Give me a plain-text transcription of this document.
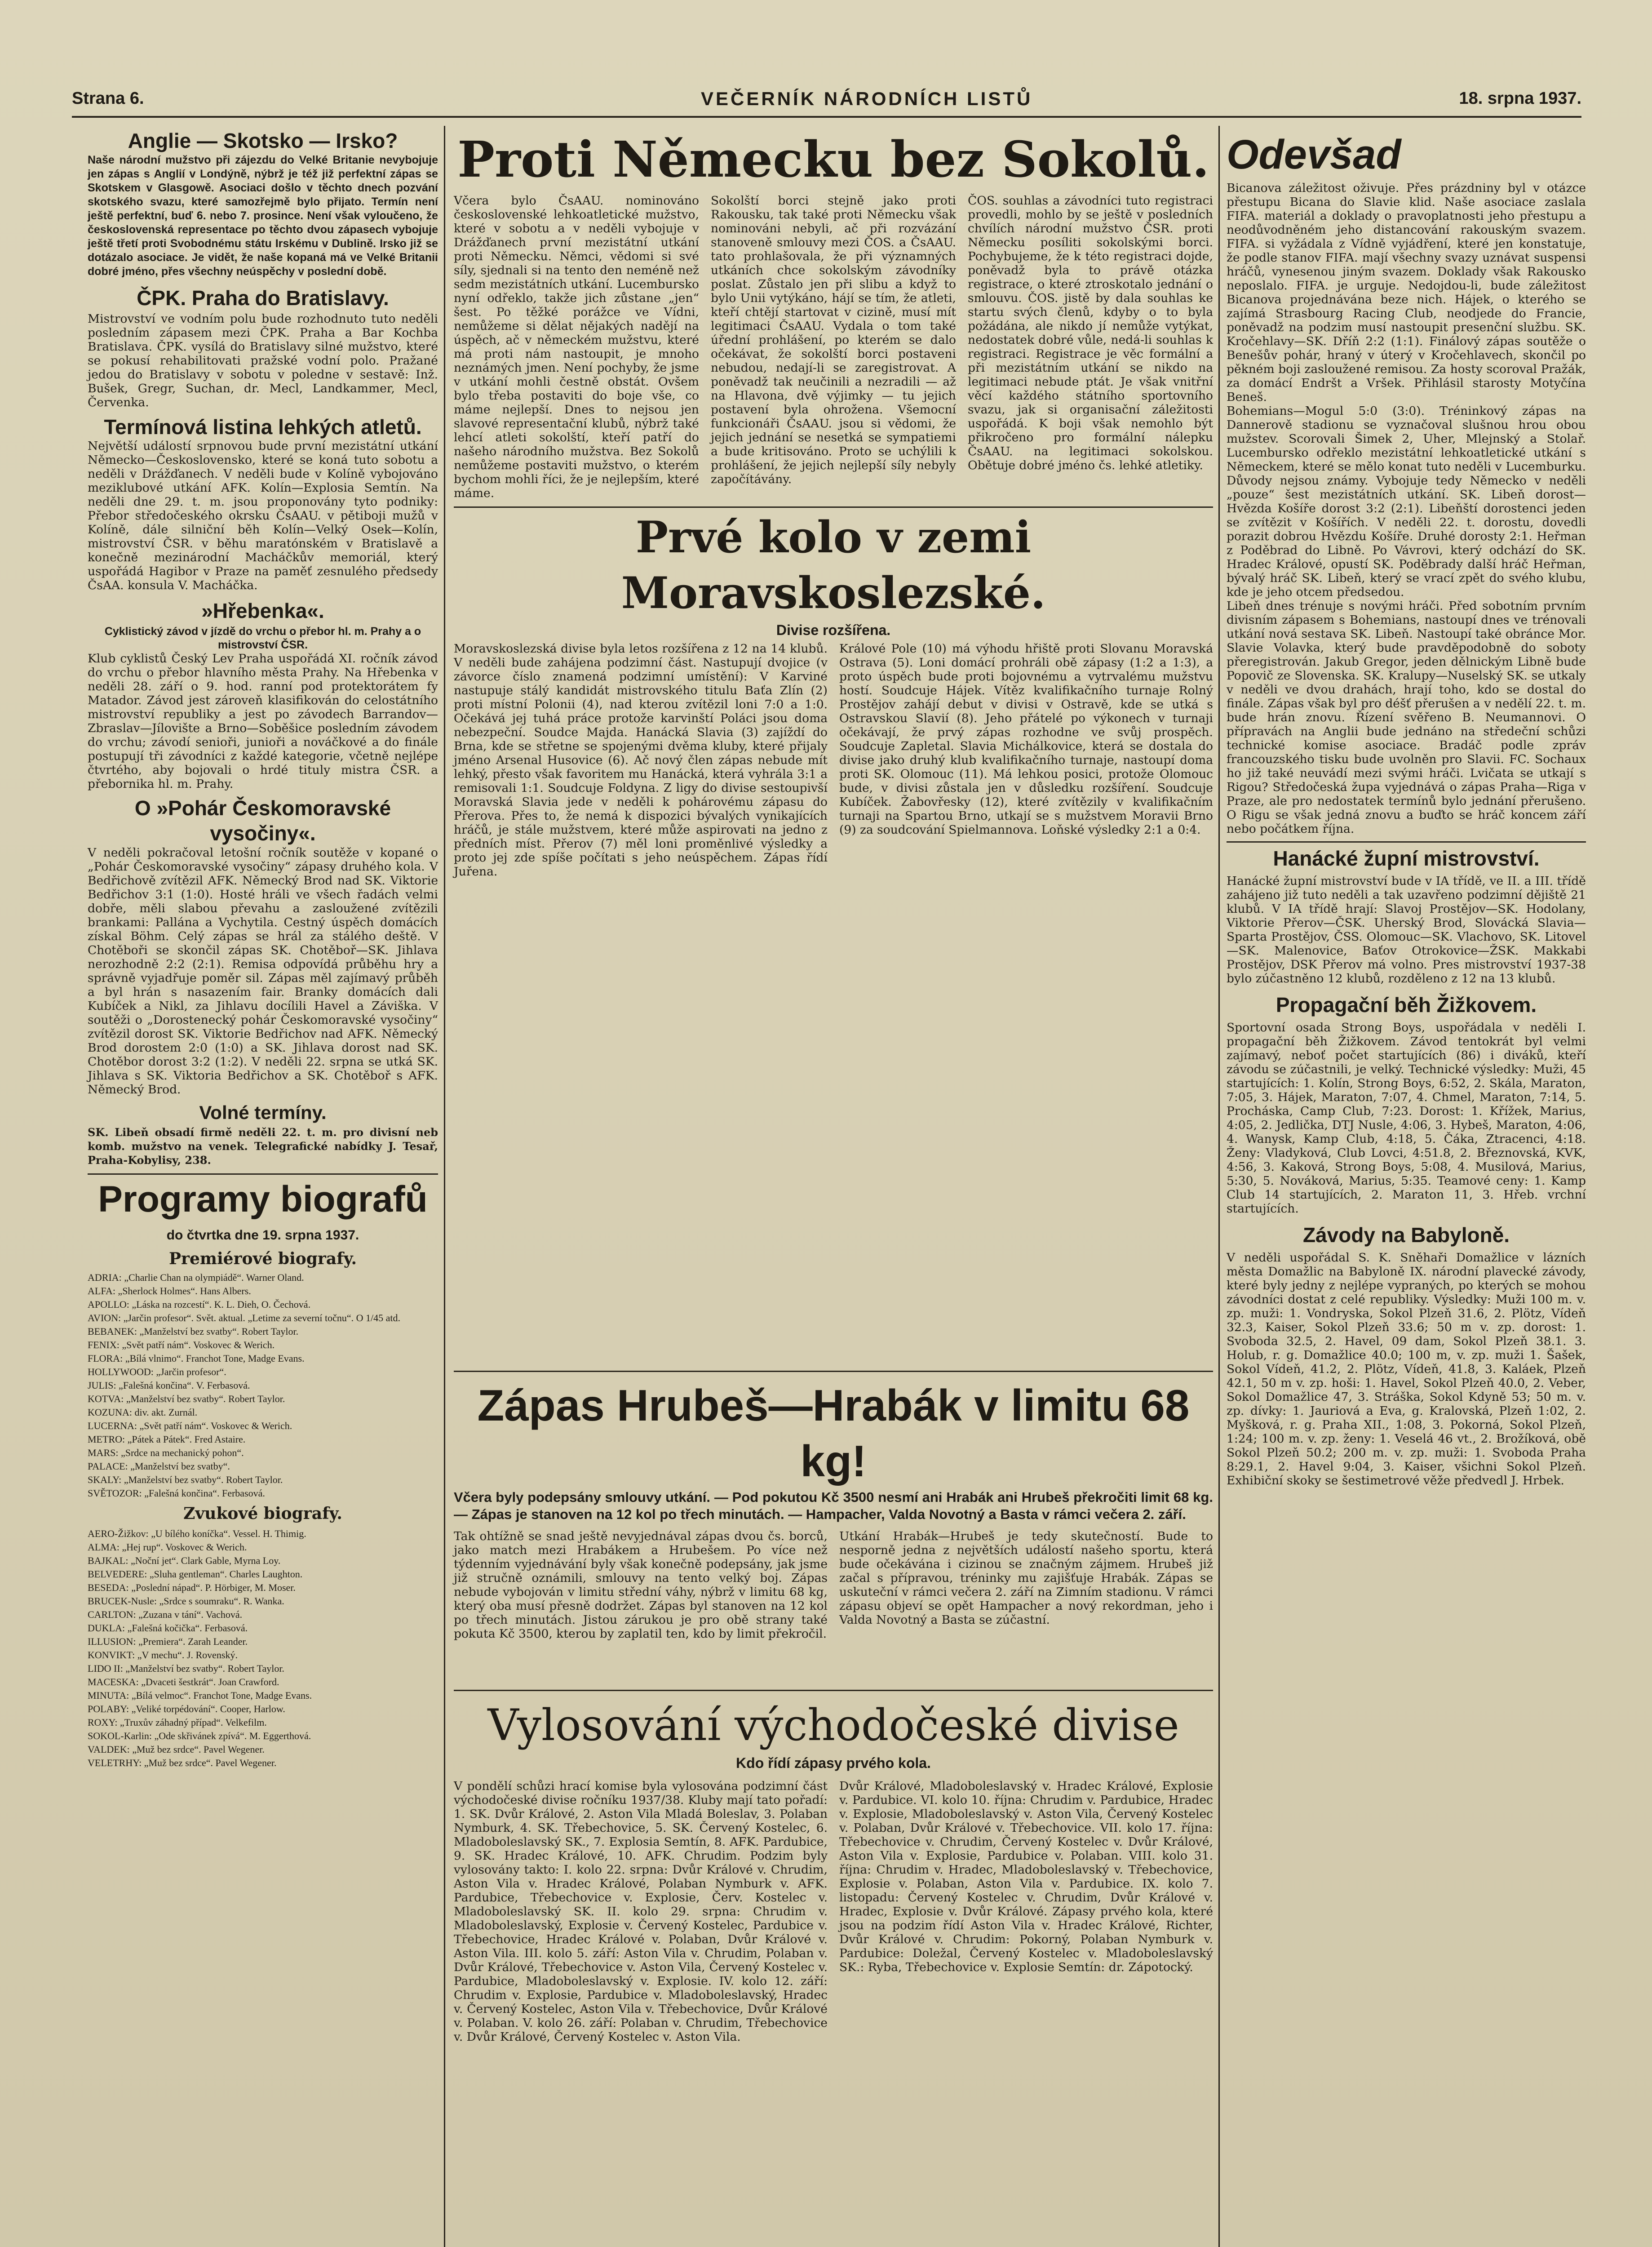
Strana 6.	VEČERNÍK NÁRODNÍCH LISTŮ	18. srpna 1937.
Anglie — Skotsko — Irsko?

Naše národní mužstvo při zájezdu do Velké Britanie nevybojuje jen zápas s Anglií v Londýně, nýbrž je též již perfektní zápas se Skotskem v Glasgowě. Asociaci došlo v těchto dnech pozvání skotského svazu, které samozřejmě bylo přijato. Termín není ještě perfektní, buď 6. nebo 7. prosince. Není však vyloučeno, že československá representace po těchto dvou zápasech vybojuje ještě třetí proti Svobodnému státu Irskému v Dublině. Irsko již se dotázalo asociace. Je vidět, že naše kopaná má ve Velké Britanii dobré jméno, přes všechny neúspěchy v poslední době.

ČPK. Praha do Bratislavy.

Mistrovství ve vodním polu bude rozhodnuto tuto neděli posledním zápasem mezi ČPK. Praha a Bar Kochba Bratislava. ČPK. vysílá do Bratislavy silné mužstvo, které se pokusí rehabilitovati pražské vodní polo. Pražané jedou do Bratislavy v sobotu v poledne v sestavě: Inž. Bušek, Gregr, Suchan, dr. Mecl, Landkammer, Mecl, Červenka.

Termínová listina lehkých atletů.

Největší událostí srpnovou bude první mezistátní utkání Německo—Československo, které se koná tuto sobotu a neděli v Drážďanech. V neděli bude v Kolíně vybojováno meziklubové utkání AFK. Kolín—Explosia Semtín. Na neděli dne 29. t. m. jsou proponovány tyto podniky: Přebor středočeského okrsku ČsAAU. v pětiboji mužů v Kolíně, dále silniční běh Kolín—Velký Osek—Kolín, mistrovství ČSR. v běhu maratónském v Bratislavě a konečně mezinárodní Macháčkův memoriál, který uspořádá Hagibor v Praze na paměť zesnulého předsedy ČsAA. konsula V. Macháčka.

»Hřebenka«.

Cyklistický závod v jízdě do vrchu o přebor hl. m. Prahy a o mistrovství ČSR.

Klub cyklistů Český Lev Praha uspořádá XI. ročník závod do vrchu o přebor hlavního města Prahy. Na Hřebenka v neděli 28. září o 9. hod. ranní pod protektorátem fy Matador. Závod jest zároveň klasifikován do celostátního mistrovství republiky a jest po závodech Barrandov—Zbraslav—Jílovište a Brno—Soběšice posledním závodem do vrchu; závodí senioři, junioři a nováčkové a do finále postupují tři závodníci z každé kategorie, včetně nejlépe čtvrtého, aby bojovali o hrdé tituly mistra ČSR. a přebornika hl. m. Prahy.

O »Pohár Českomoravské vysočiny«.

V neděli pokračoval letošní ročník soutěže v kopané o „Pohár Českomoravské vysočiny“ zápasy druhého kola. V Bedřichově zvítězil AFK. Německý Brod nad SK. Viktorie Bedřichov 3:1 (1:0). Hosté hráli ve všech řadách velmi dobře, měli slabou převahu a zasloužené zvítězili brankami: Pallána a Vychytila. Cestný úspěch domácích získal Böhm. Celý zápas se hrál za stálého deště. V Chotěboři se skončil zápas SK. Chotěboř—SK. Jihlava nerozhodně 2:2 (2:1). Remisa odpovídá průběhu hry a správně vyjadřuje poměr sil. Zápas měl zajímavý průběh a byl hrán s nasazením fair. Branky domácích dali Kubíček a Nikl, za Jihlavu docílili Havel a Záviška. V soutěži o „Dorostenecký pohár Českomoravské vysočiny“ zvítězil dorost SK. Viktorie Bedřichov nad AFK. Německý Brod dorostem 2:0 (1:0) a SK. Jihlava dorost nad SK. Chotěbor dorost 3:2 (1:2). V neděli 22. srpna se utká SK. Jihlava s SK. Viktoria Bedřichov a SK. Chotěboř s AFK. Německý Brod.

Volné termíny.

SK. Libeň obsadí firmě neděli 22. t. m. pro divisní neb komb. mužstvo na venek. Telegrafické nabídky J. Tesař, Praha-Kobylisy, 238.

Programy biografů

do čtvrtka dne 19. srpna 1937.

Premiérové biografy.

ADRIA: „Charlie Chan na olympiádě“. Warner Oland.
ALFA: „Sherlock Holmes“. Hans Albers.
APOLLO: „Láska na rozcestí“. K. L. Dieh, O. Čechová.
AVION: „Jarčin profesor“. Svět. aktual. „Letime za severní točnu“. O 1/45 atd.
BEBANEK: „Manželství bez svatby“. Robert Taylor.
FENIX: „Svět patří nám“. Voskovec & Werich.
FLORA: „Bílá vlnimo“. Franchot Tone, Madge Evans.
HOLLYWOOD: „Jarčin profesor“.
JULIS: „Falešná končina“. V. Ferbasová.
KOTVA: „Manželství bez svatby“. Robert Taylor.
KOZUNA: div. akt. Zurnál.
LUCERNA: „Svět patří nám“. Voskovec & Werich.
METRO: „Pátek a Pátek“. Fred Astaire.
MARS: „Srdce na mechanický pohon“.
PALACE: „Manželství bez svatby“.
SKALY: „Manželství bez svatby“. Robert Taylor.
SVĚTOZOR: „Falešná končina“. Ferbasová.

Zvukové biografy.

AERO-Žižkov: „U bílého koníčka“. Vessel. H. Thimig.
ALMA: „Hej rup“. Voskovec & Werich.
BAJKAL: „Noční jet“. Clark Gable, Myrna Loy.
BELVEDERE: „Sluha gentleman“. Charles Laughton.
BESEDA: „Poslední nápad“. P. Hörbiger, M. Moser.
BRUCEK-Nusle: „Srdce s soumraku“. R. Wanka.
CARLTON: „Zuzana v tání“. Vachová.
DUKLA: „Falešná kočička“. Ferbasová.
ILLUSION: „Premiera“. Zarah Leander.
KONVIKT: „V mechu“. J. Rovenský.
LIDO II: „Manželství bez svatby“. Robert Taylor.
MACESKA: „Dvaceti šestkrát“. Joan Crawford.
MINUTA: „Bílá velmoc“. Franchot Tone, Madge Evans.
POLABY: „Veliké torpédování“. Cooper, Harlow.
ROXY: „Truxův záhadný případ“. Velkefilm.
SOKOL-Karlin: „Ode skřivánek zpívá“. M. Eggerthová.
VALDEK: „Muž bez srdce“. Pavel Wegener.
VELETRHY: „Muž bez srdce“. Pavel Wegener.
Proti Německu bez Sokolů.

Včera bylo ČsAAU. nominováno československé lehkoatletické mužstvo, které v sobotu a v neděli vybojuje v Drážďanech první mezistátní utkání proti Německu. Němci, vědomi si své síly, sjednali si na tento den neméně než sedm mezistátních utkání. Lucembursko nyní odřeklo, takže jich zůstane „jen“ šest. Po těžké porážce ve Vídni, nemůžeme si dělat nějakých nadějí na úspěch, ač v německém mužstvu, které má proti nám nastoupit, je mnoho neznámých jmen. Není pochyby, že jsme v utkání mohli čestně obstát. Ovšem bylo třeba postaviti do boje vše, co máme nejlepší. Dnes to nejsou jen slavové representační klubů, nýbrž také lehcí atleti sokolští, kteří patří do našeho národního mužstva. Bez Sokolů nemůžeme postaviti mužstvo, o kterém bychom mohli říci, že je nejlepším, které máme.

Sokolští borci stejně jako proti Rakousku, tak také proti Německu však nominováni nebyli, ač při rozvázání stanoveně smlouvy mezi ČOS. a ČsAAU. tato prohlašovala, že při významných utkáních chce sokolským závodníky poslat. Zůstalo jen při slibu a když to bylo Unii vytýkáno, hájí se tím, že atleti, kteří chtějí startovat v cizině, musí mít legitimaci ČsAAU. Vydala o tom také úřední prohlášení, po kterém se dalo očekávat, že sokolští borci postaveni nebudou, nedají-li se zaregistrovat. A poněvadž tak neučinili a nezradili — až na Hlavona, dvě výjimky — tu jejich postavení byla ohrožena. Všemocní funkcionáři ČsAAU. jsou si vědomi, že jejich jednání se nesetká se sympatiemi a bude kritisováno. Proto se uchýlili k prohlášení, že jejich nejlepší síly nebyly započítávány.

ČOS. souhlas a závodníci tuto registraci provedli, mohlo by se ještě v posledních chvílích národní mužstvo ČSR. proti Německu posíliti sokolskými borci. Pochybujeme, že k této registraci dojde, poněvadž byla to právě otázka registrace, o které ztroskotalo jednání o smlouvu. ČOS. jistě by dala souhlas ke startu svých členů, kdyby o to byla požádána, ale nikdo jí nemůže vytýkat, nedostatek dobré vůle, nedá-li souhlas k registraci. Registrace je věc formální a při mezistátním utkání se nikdo na legitimaci nebude ptát. Je však vnitřní věcí každého státního sportovního svazu, jak si organisační záležitosti uspořádá. K boji však nemohlo být přikročeno pro formální nálepku ČsAAU. na legitimaci sokolskou. Obětuje dobré jméno čs. lehké atletiky.

Prvé kolo v zemi Moravskoslezské.

Divise rozšířena.

Moravskoslezská divise byla letos rozšířena z 12 na 14 klubů. V neděli bude zahájena podzimní část. Nastupují dvojice (v závorce číslo znamená podzimní umístění): V Karviné nastupuje stálý kandidát mistrovského titulu Baťa Zlín (2) proti místní Polonii (4), nad kterou zvítězil loni 7:0 a 1:0. Očekává jej tuhá práce protože karvinští Poláci jsou doma nebezpeční. Soudce Majda. Hanácká Slavia (3) zajíždí do Brna, kde se střetne se spojenými dvěma kluby, které přijaly jméno Arsenal Husovice (6). Ač nový člen zápas nebude mít lehký, přesto však favoritem mu Hanácká, která vyhrála 3:1 a remisovali 1:1. Soudcuje Foldyna. Z ligy do divise sestoupivší Moravská Slavia jede v neděli k pohárovému zápasu do Přerova. Přes to, že nemá k dispozici bývalých vynikajících hráčů, je stále mužstvem, které může aspirovati na jedno z předních míst. Přerov (7) měl loni proměnlivé výsledky a proto jej zde spíše počítati s jeho neúspěchem. Zápas řídí Juřena.

Králové Pole (10) má výhodu hřiště proti Slovanu Moravská Ostrava (5). Loni domácí prohráli obě zápasy (1:2 a 1:3), a proto úspěch bude proti bojovnému a vytrvalému mužstvu hostí. Soudcuje Hájek. Vítěz kvalifikačního turnaje Rolný Prostějov zahájí debut v divisi v Ostravě, kde se utká s Ostravskou Slavií (8). Jeho přátelé po výkonech v turnaji očekávají, že prvý zápas rozhodne ve svůj prospěch. Soudcuje Zapletal. Slavia Michálkovice, která se dostala do divise jako druhý klub kvalifikačního turnaje, nastoupí doma proti SK. Olomouc (11). Má lehkou posici, protože Olomouc bude, v divisi zůstala jen v důsledku rozšíření. Soudcuje Kubíček. Žabovřesky (12), které zvítězily v kvalifikačním turnaji na Spartou Brno, utkají se s mužstvem Moravii Brno (9) za soudcování Spielmannova. Loňské výsledky 2:1 a 0:4.

Zápas Hrubeš—Hrabák v limitu 68 kg!

Včera byly podepsány smlouvy utkání. — Pod pokutou Kč 3500 nesmí ani Hrabák ani Hrubeš překročiti limit 68 kg. — Zápas je stanoven na 12 kol po třech minutách. — Hampacher, Valda Novotný a Basta v rámci večera 2. září.

Tak ohtížně se snad ještě nevyjednával zápas dvou čs. borců, jako match mezi Hrabákem a Hrubešem. Po více než týdenním vyjednávání byly však konečně podepsány, jak jsme již stručně oznámili, smlouvy na tento velký boj. Zápas nebude vybojován v limitu střední váhy, nýbrž v limitu 68 kg, který oba musí přesně dodržet. Zápas byl stanoven na 12 kol po třech minutách. Jistou zárukou je pro obě strany také pokuta Kč 3500, kterou by zaplatil ten, kdo by limit překročil.

Utkání Hrabák—Hrubeš je tedy skutečností. Bude to nesporně jedna z největších událostí našeho sportu, která bude očekávána i cizinou se značným zájmem. Hrubeš již začal s přípravou, tréninky mu zajišťuje Hrabák. Zápas se uskuteční v rámci večera 2. září na Zimním stadionu. V rámci zápasu objeví se opět Hampacher a nový rekordman, jeho i Valda Novotný a Basta se zúčastní.

Vylosování východočeské divise

Kdo řídí zápasy prvého kola.

V pondělí schůzi hrací komise byla vylosována podzimní část východočeské divise ročníku 1937/38. Kluby mají tato pořadí: 1. SK. Dvůr Králové, 2. Aston Vila Mladá Boleslav, 3. Polaban Nymburk, 4. SK. Třebechovice, 5. SK. Červený Kostelec, 6. Mladoboleslavský SK., 7. Explosia Semtín, 8. AFK. Pardubice, 9. SK. Hradec Králové, 10. AFK. Chrudim. Podzim byly vylosovány takto: I. kolo 22. srpna: Dvůr Králové v. Chrudim, Aston Vila v. Hradec Králové, Polaban Nymburk v. AFK. Pardubice, Třebechovice v. Explosie, Červ. Kostelec v. Mladoboleslavský SK. II. kolo 29. srpna: Chrudim v. Mladoboleslavský, Explosie v. Červený Kostelec, Pardubice v. Třebechovice, Hradec Králové v. Polaban, Dvůr Králové v. Aston Vila. III. kolo 5. září: Aston Vila v. Chrudim, Polaban v. Dvůr Králové, Třebechovice v. Aston Vila, Červený Kostelec v. Pardubice, Mladoboleslavský v. Explosie. IV. kolo 12. září: Chrudim v. Explosie, Pardubice v. Mladoboleslavský, Hradec v. Červený Kostelec, Aston Vila v. Třebechovice, Dvůr Králové v. Polaban. V. kolo 26. září: Polaban v. Chrudim, Třebechovice v. Dvůr Králové, Červený Kostelec v. Aston Vila.

Dvůr Králové, Mladoboleslavský v. Hradec Králové, Explosie v. Pardubice. VI. kolo 10. října: Chrudim v. Pardubice, Hradec v. Explosie, Mladoboleslavský v. Aston Vila, Červený Kostelec v. Polaban, Dvůr Králové v. Třebechovice. VII. kolo 17. října: Třebechovice v. Chrudim, Červený Kostelec v. Dvůr Králové, Aston Vila v. Explosie, Pardubice v. Polaban. VIII. kolo 31. října: Chrudim v. Hradec, Mladoboleslavský v. Třebechovice, Explosie v. Polaban, Aston Vila v. Pardubice. IX. kolo 7. listopadu: Červený Kostelec v. Chrudim, Dvůr Králové v. Hradec, Explosie v. Dvůr Králové. Zápasy prvého kola, které jsou na podzim řídí Aston Vila v. Hradec Králové, Richter, Dvůr Králové v. Chrudim: Pokorný, Polaban Nymburk v. Pardubice: Doležal, Červený Kostelec v. Mladoboleslavský SK.: Ryba, Třebechovice v. Explosie Semtín: dr. Zápotocký.

Odevšad

Bicanova záležitost oživuje. Přes prázdniny byl v otázce přestupu Bicana do Slavie klid. Naše asociace zaslala FIFA. materiál a doklady o pravoplatnosti jeho přestupu a neodůvodněném jeho distancování rakouským svazem. FIFA. si vyžádala z Vídně vyjádření, které jen konstatuje, že podle stanov FIFA. mají všechny svazy uznávat suspensi hráčů, vynesenou jiným svazem. Doklady však Rakousko neposlalo. FIFA. je urguje. Nedojdou-li, bude záležitost Bicanova projednávána beze nich. Hájek, o kterého se zajímá Strasbourg Racing Club, neodjede do Francie, poněvadž na podzim musí nastoupit presenční službu. SK. Kročehlavy—SK. Dříň 2:2 (1:1). Finálový zápas soutěže o Benešův pohár, hraný v úterý v Kročehlavech, skončil po pěkném boji zasloužené remisou. Za hosty scoroval Pražák, za domácí Endršt a Vršek. Přihlásil starosty Motyčína Beneš.

Bohemians—Mogul 5:0 (3:0). Tréninkový zápas na Dannerově stadionu se vyznačoval slušnou hrou obou mužstev. Scorovali Šimek 2, Uher, Mlejnský a Stolař. Lucembursko odřeklo mezistátní lehkoatletické utkání s Německem, které se mělo konat tuto neděli v Lucemburku. Důvody nejsou známy. Vybojuje tedy Německo v neděli „pouze“ šest mezistátních utkání. SK. Libeň dorost—Hvězda Košíře dorost 3:2 (2:1). Libeňští dorostenci jeden se zvítězit v Košířích. V neděli 22. t. dorostu, dovedli porazit dobrou Hvězdu Košíře. Druhé dorosty 2:1. Heřman z Poděbrad do Libně. Po Vávrovi, který odchází do SK. Hradec Králové, opustí SK. Poděbrady další hráč Heřman, bývalý hráč SK. Libeň, který se vrací zpět do svého klubu, kde je jeho otcem předsedou.

Libeň dnes trénuje s novými hráči. Před sobotním prvním divisním zápasem s Bohemians, nastoupí dnes ve trénovali utkání nová sestava SK. Libeň. Nastoupí také obránce Mor. Slavie Volavka, který bude pravděpodobně do soboty přeregistrován. Jakub Gregor, jeden dělnickým Libně bude Popovič ze Slovenska. SK. Kralupy—Nuselský SK. se utkaly v neděli ve dvou drahách, hrají toho, kdo se dostal do finále. Zápas však byl pro déšť přerušen a v nedělí 22. t. m. bude hrán znovu. Řízení svěřeno B. Neumannovi. O přípravách na Anglii bude jednáno na středeční schůzi technické komise asociace. Bradáč podle zpráv francouzského tisku bude uvolněn pro Slavii. FC. Sochaux ho již také neuvádí mezi svými hráči. Lvičata se utkají s Rigou? Středočeská župa vyjednává o zápas Praha—Riga v Praze, ale pro nedostatek termínů bylo jednání přerušeno. O Rigu se však jedná znovu a buďto se hráč koncem září nebo počátkem října.

Hanácké župní mistrovství.

Hanácké župní mistrovství bude v IA třídě, ve II. a III. třídě zahájeno již tuto neděli a tak uzavřeno podzimní dějiště 21 klubů. V IA třídě hrají: Slavoj Prostějov—SK. Hodolany, Viktorie Přerov—ČSK. Uherský Brod, Slovácká Slavia—Sparta Prostějov, ČSS. Olomouc—SK. Vlachovo, SK. Litovel—SK. Malenovice, Baťov Otrokovice—ŽSK. Makkabi Prostějov, DSK Přerov má volno. Pres mistrovství 1937-38 bylo zúčastněno 12 klubů, rozděleno z 12 na 13 klubů.

Propagační běh Žižkovem.

Sportovní osada Strong Boys, uspořádala v neděli I. propagační běh Žižkovem. Závod tentokrát byl velmi zajímavý, neboť počet startujících (86) i diváků, kteří závodu se zúčastnili, je velký. Technické výsledky: Muži, 45 startujících: 1. Kolín, Strong Boys, 6:52, 2. Skála, Maraton, 7:05, 3. Hájek, Maraton, 7:07, 4. Chmel, Maraton, 7:14, 5. Procháska, Camp Club, 7:23. Dorost: 1. Křížek, Marius, 4:05, 2. Jedlička, DTJ Nusle, 4:06, 3. Hybeš, Maraton, 4:06, 4. Wanysk, Kamp Club, 4:18, 5. Čáka, Ztracenci, 4:18. Ženy: Vladyková, Club Lovci, 4:51.8, 2. Březnovská, KVK, 4:56, 3. Kaková, Strong Boys, 5:08, 4. Musilová, Marius, 5:30, 5. Nováková, Marius, 5:35. Teamové ceny: 1. Kamp Club 14 startujících, 2. Maraton 11, 3. Hřeb. vrchní startujících.

Závody na Babyloně.

V neděli uspořádal S. K. Sněhaři Domažlice v lázních města Domažlic na Babyloně IX. národní plavecké závody, které byly jedny z nejlépe vypraných, po kterých se mohou závodníci dostat z celé republiky. Výsledky: Muži 100 m. v. zp. muži: 1. Vondryska, Sokol Plzeň 31.6, 2. Plötz, Vídeň 32.3, Kaiser, Sokol Plzeň 33.6; 50 m v. zp. dorost: 1. Svoboda 32.5, 2. Havel, 09 dam, Sokol Plzeň 38.1. 3. Holub, r. g. Domažlice 40.0; 100 m, v. zp. muži 1. Šašek, Sokol Vídeň, 41.2, 2. Plötz, Vídeň, 41.8, 3. Kaláek, Plzeň 42.1, 50 m v. zp. hoši: 1. Havel, Sokol Plzeň 40.0, 2. Veber, Sokol Domažlice 47, 3. Stráška, Sokol Kdyně 53; 50 m. v. zp. dívky: 1. Jauriová a Eva, g. Kralovská, Plzeň 1:02, 2. Myšková, r. g. Praha XII., 1:08, 3. Pokorná, Sokol Plzeň, 1:24; 100 m. v. zp. ženy: 1. Veselá 46 vt., 2. Brožíková, obě Sokol Plzeň 50.2; 200 m. v. zp. muži: 1. Svoboda Praha 8:29.1, 2. Havel 9:04, 3. Kaiser, všichni Sokol Plzeň. Exhibiční skoky se šestimetrové věže předvedl J. Hrbek.
